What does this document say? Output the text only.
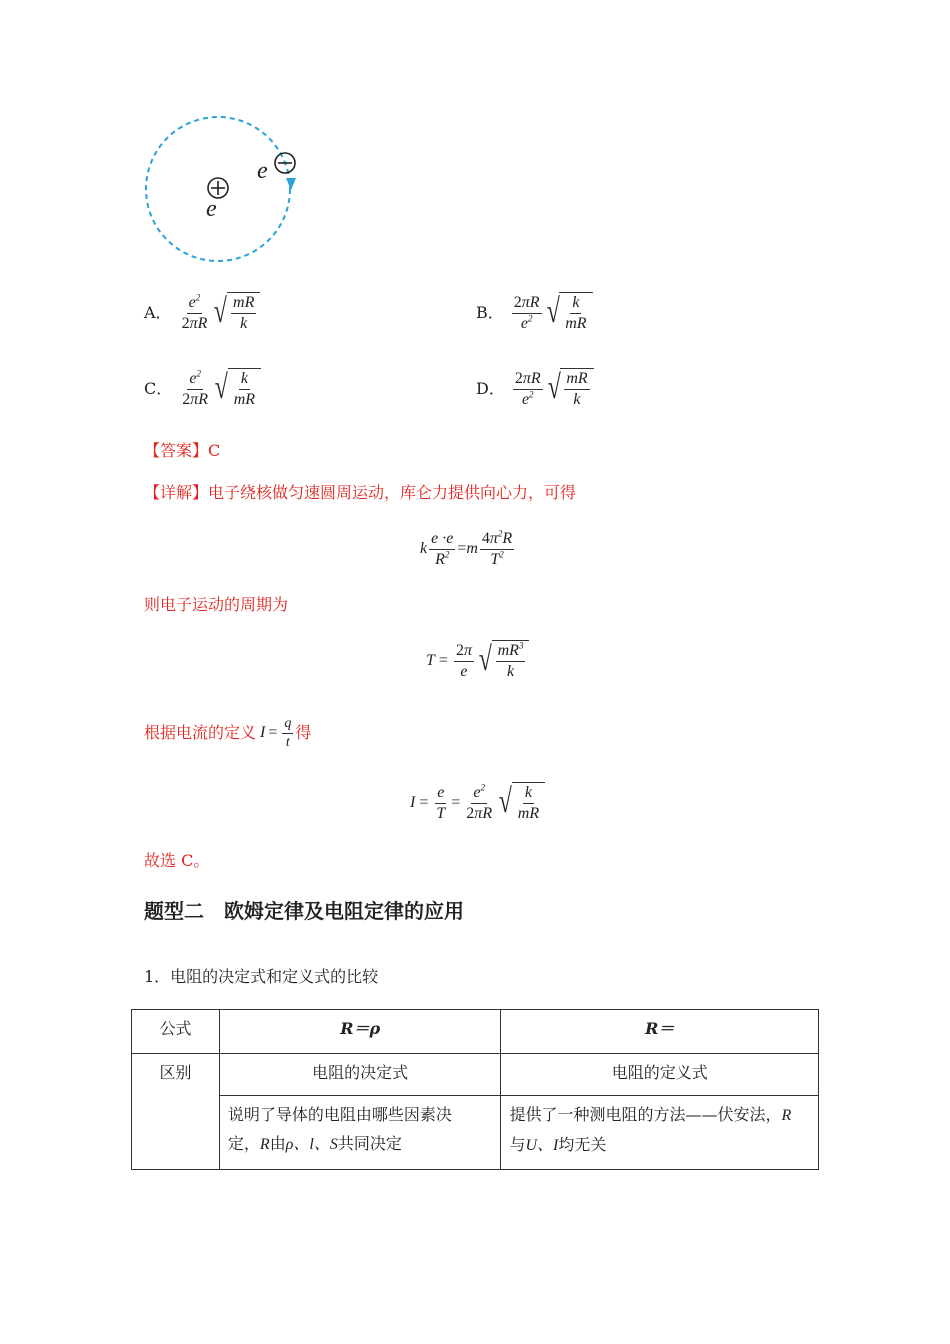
e
e
A． $\frac{e^2}{2\pi R}$ √ $\frac{mR}{k}$	B． $\frac{2\pi R}{e^2}$ √ $\frac{k}{mR}$
C． $\frac{e^2}{2\pi R}$ √ $\frac{k}{mR}$	D． $\frac{2\pi R}{e^2}$ √ $\frac{mR}{k}$
【答案】C
【详解】电子绕核做匀速圆周运动，库仑力提供向心力，可得
k $\frac{e \cdot e}{R^2} = m \frac{4\pi^2R}{T^2}$
则电子运动的周期为
$T = \frac{2\pi}{e}$ √ $\frac{mR^3}{k}$
根据电流的定义 $I = \frac{q}{t}$ 得
$I = \frac{e}{T} = \frac{e^2}{2\pi R}$ √ $\frac{k}{mR}$
故选 C。
题型二　欧姆定律及电阻定律的应用
1．电阻的决定式和定义式的比较
公式	R＝ρ	R＝
区别	电阻的决定式	电阻的定义式
	说明了导体的电阻由哪些因素决
定，R由ρ、l、S共同决定	提供了一种测电阻的方法——伏安法，R
与U、I均无关
